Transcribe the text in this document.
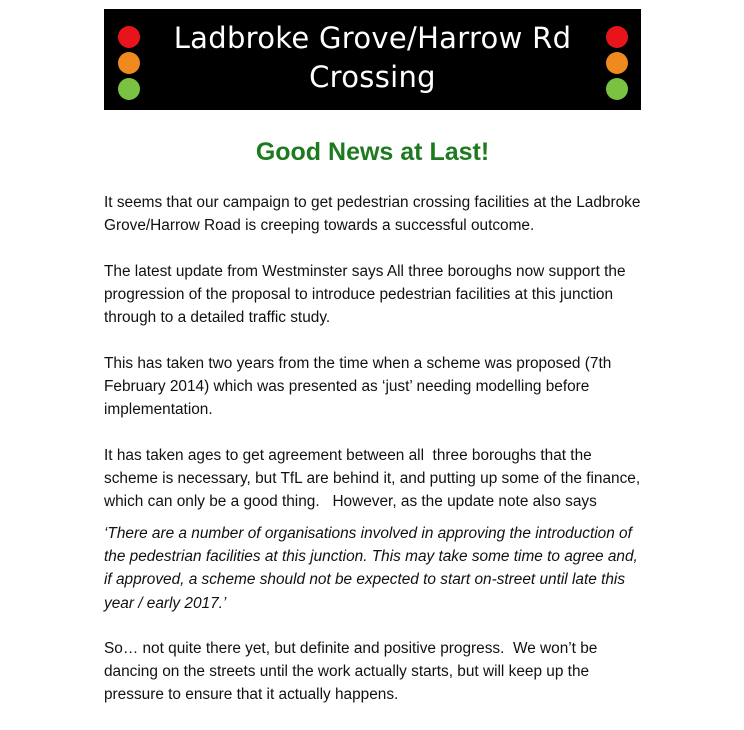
Ladbroke Grove/Harrow Rd
Crossing
Good News at Last!

It seems that our campaign to get pedestrian crossing facilities at the Ladbroke
Grove/Harrow Road is creeping towards a successful outcome.

The latest update from Westminster says All three boroughs now support the
progression of the proposal to introduce pedestrian facilities at this junction
through to a detailed traffic study.

This has taken two years from the time when a scheme was proposed (7th
February 2014) which was presented as ‘just’ needing modelling before
implementation.

It has taken ages to get agreement between all  three boroughs that the
scheme is necessary, but TfL are behind it, and putting up some of the finance,
which can only be a good thing.   However, as the update note also says

‘There are a number of organisations involved in approving the introduction of
the pedestrian facilities at this junction. This may take some time to agree and,
if approved, a scheme should not be expected to start on-street until late this
year / early 2017.’

So… not quite there yet, but definite and positive progress.  We won’t be
dancing on the streets until the work actually starts, but will keep up the
pressure to ensure that it actually happens.
